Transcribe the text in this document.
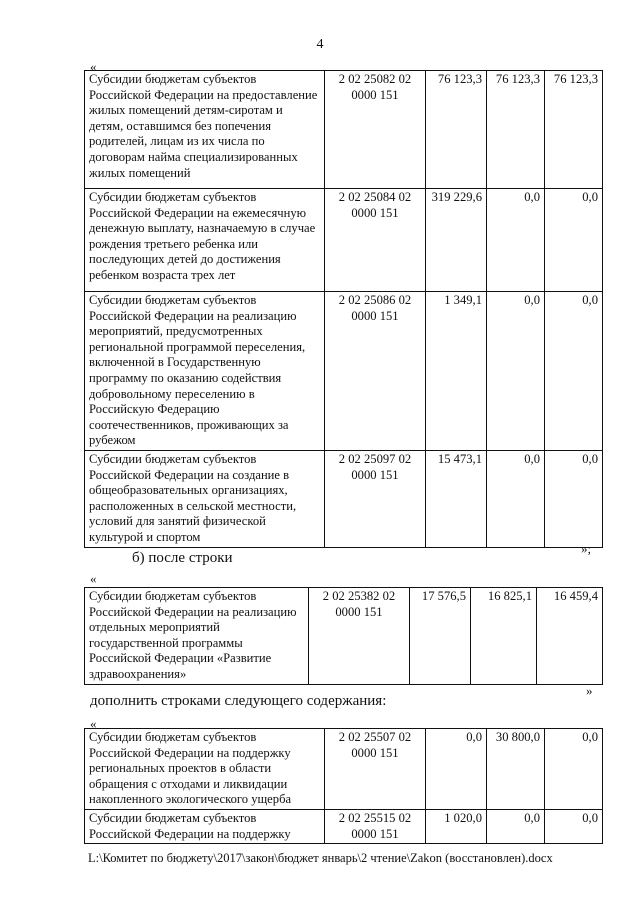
4
«
Субсидии бюджетам субъектов Российской Федерации на предоставление жилых помещений детям-сиротам и детям, оставшимся без попечения родителей, лицам из их числа по договорам найма специализированных жилых помещений	2 02 25082 02 0000 151	76 123,3	76 123,3	76 123,3
Субсидии бюджетам субъектов Российской Федерации на ежемесячную денежную выплату, назначаемую в случае рождения третьего ребенка или последующих детей до достижения ребенком возраста трех лет	2 02 25084 02 0000 151	319 229,6	0,0	0,0
Субсидии бюджетам субъектов Российской Федерации на реализацию мероприятий, предусмотренных региональной программой переселения, включенной в Государственную программу по оказанию содействия добровольному переселению в Российскую Федерацию соотечественников, проживающих за рубежом	2 02 25086 02 0000 151	1 349,1	0,0	0,0
Субсидии бюджетам субъектов Российской Федерации на создание в общеобразовательных организациях, расположенных в сельской местности, условий для занятий физической культурой и спортом	2 02 25097 02 0000 151	15 473,1	0,0	0,0
»;
б) после строки
«
Субсидии бюджетам субъектов Российской Федерации на реализацию отдельных мероприятий государственной программы Российской Федерации «Развитие здравоохранения»	2 02 25382 02 0000 151	17 576,5	16 825,1	16 459,4
»
дополнить строками следующего содержания:
«
Субсидии бюджетам субъектов Российской Федерации на поддержку региональных проектов в области обращения с отходами и ликвидации накопленного экологического ущерба	2 02 25507 02 0000 151	0,0	30 800,0	0,0
Субсидии бюджетам субъектов Российской Федерации на поддержку	2 02 25515 02 0000 151	1 020,0	0,0	0,0
L:\Комитет по бюджету\2017\закон\бюджет январь\2 чтение\Zakon (восстановлен).docx
